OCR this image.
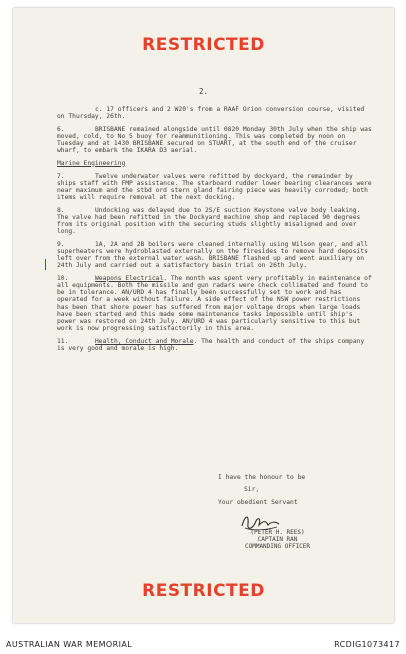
RESTRICTED
2.

c. 17 officers and 2 W20's from a RAAF Orion conversion course, visited on Thursday, 26th.

6.	BRISBANE remained alongside until 0820 Monday 30th July when the ship was moved, cold, to No 5 buoy for reammunitioning. This was completed by noon on Tuesday and at 1430 BRISBANE secured on STUART, at the south end of the cruiser wharf, to embark the IKARA D3 aerial.

Marine Engineering

7.	Twelve underwater valves were refitted by dockyard, the remainder by ships staff with FMP assistance. The starboard rudder lower bearing clearances were near maximum and the stbd ord stern gland fairing piece was heavily corroded; both items will require removal at the next docking.

8.	Undocking was delayed due to 2S/E suction Keystone valve body leaking. The valve had been refitted in the Dockyard machine shop and replaced 90 degrees from its original position with the securing studs slightly misaligned and over long.

9.	1A, 2A and 2B boilers were cleaned internally using Wilson gear, and all superheaters were hydroblasted externally on the firesides to remove hard deposits left over from the external water wash. BRISBANE flashed up and went auxiliary on 24th July and carried out a satisfactory basin trial on 26th July.

10.	Weapons Electrical. The month was spent very profitably in maintenance of all equipments. Both the missile and gun radars were check collimated and found to be in tolerance. AN/URD 4 has finally been successfully set to work and has operated for a week without failure. A side effect of the NSW power restrictions has been that shore power has suffered from major voltage drops when large loads have been started and this made some maintenance tasks impossible until ship's power was restored on 24th July. AN/URD 4 was particularly sensitive to this but work is now progressing satisfactorily in this area.

11.	Health, Conduct and Morale. The health and conduct of the ships company is very good and morale is high.

I have the honour to be
Sir,
Your obedient Servant
(PETER H. REES)
CAPTAIN RAN
COMMANDING OFFICER
RESTRICTED
AUSTRALIAN WAR MEMORIAL	RCDIG1073417
